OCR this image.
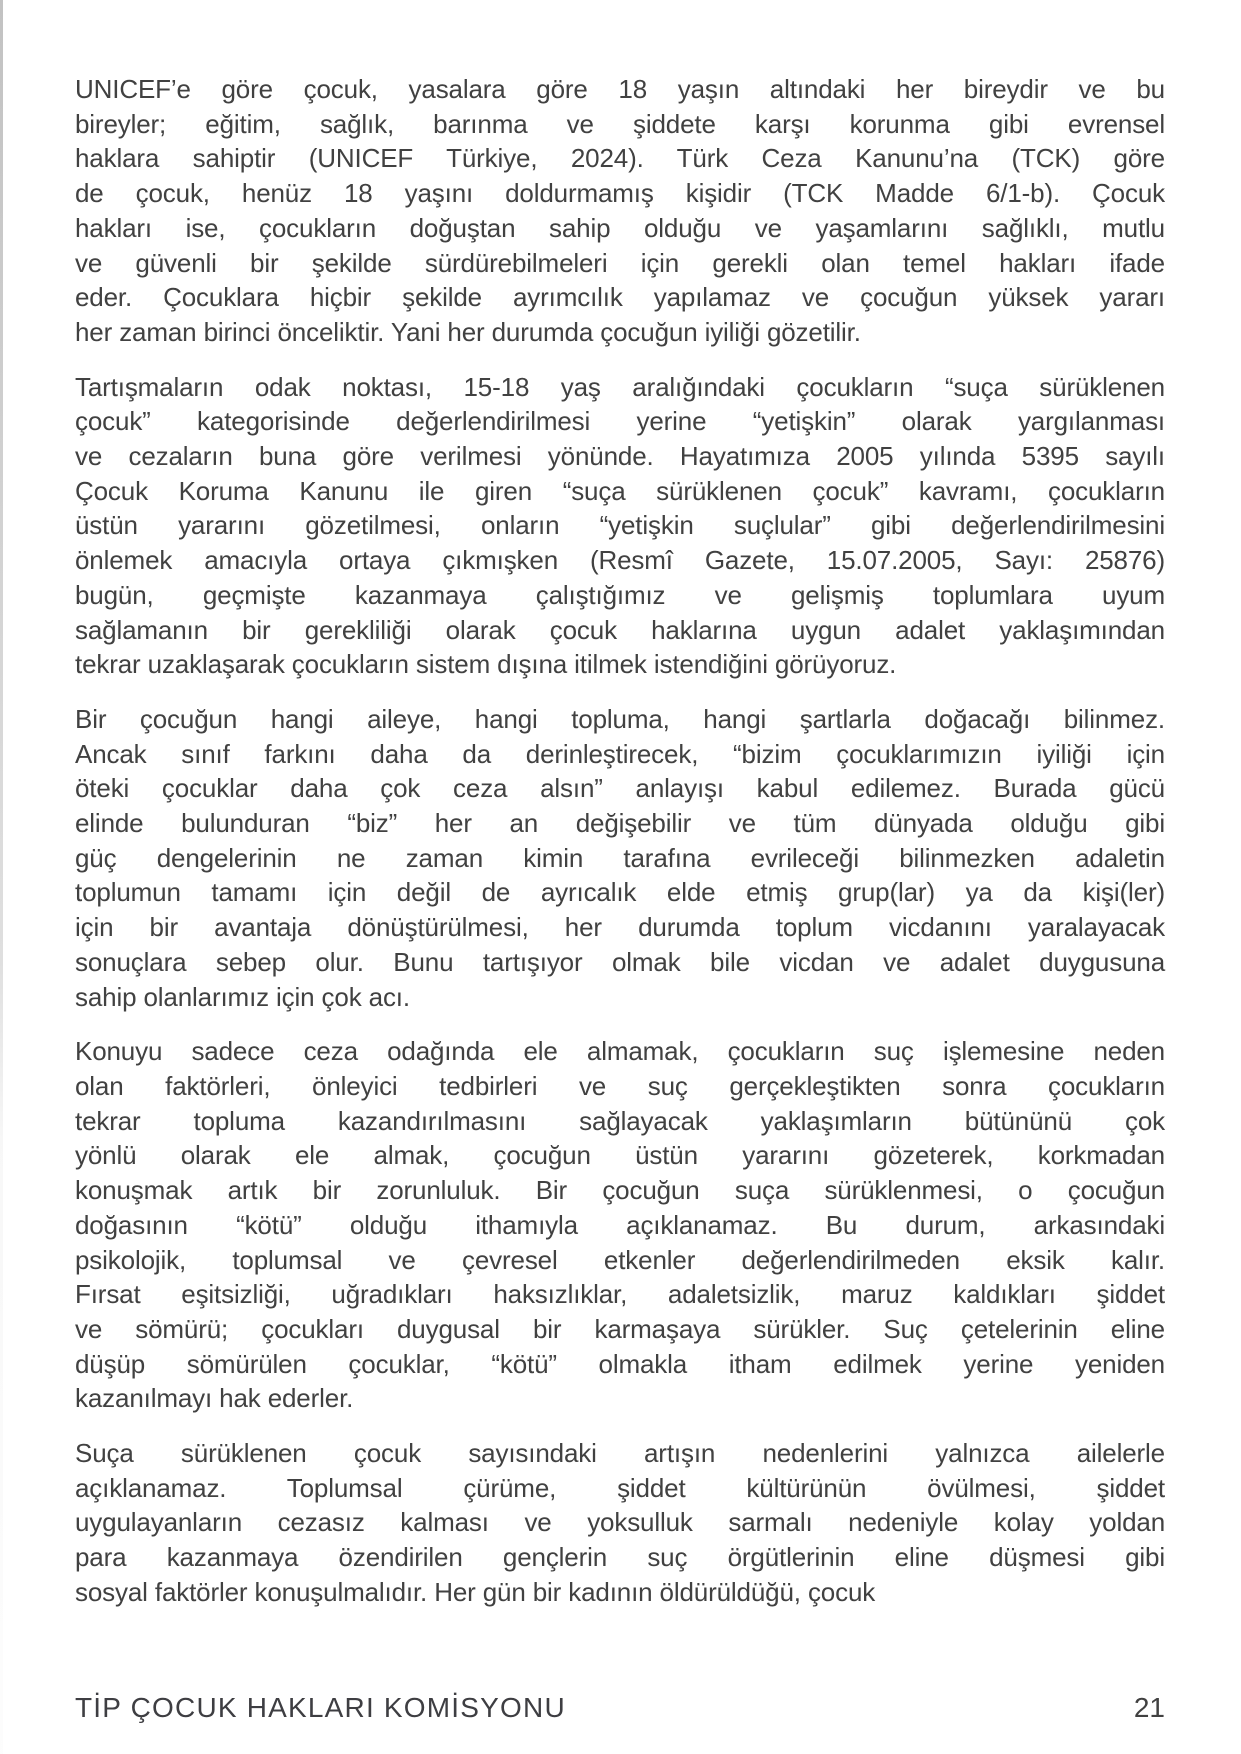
UNICEF’e göre çocuk, yasalara göre 18 yaşın altındaki her bireydir ve bu
bireyler; eğitim, sağlık, barınma ve şiddete karşı korunma gibi evrensel
haklara sahiptir (UNICEF Türkiye, 2024). Türk Ceza Kanunu’na (TCK) göre
de çocuk, henüz 18 yaşını doldurmamış kişidir (TCK Madde 6/1-b). Çocuk
hakları ise, çocukların doğuştan sahip olduğu ve yaşamlarını sağlıklı, mutlu
ve güvenli bir şekilde sürdürebilmeleri için gerekli olan temel hakları ifade
eder. Çocuklara hiçbir şekilde ayrımcılık yapılamaz ve çocuğun yüksek yararı
her zaman birinci önceliktir. Yani her durumda çocuğun iyiliği gözetilir.

Tartışmaların odak noktası, 15-18 yaş aralığındaki çocukların “suça sürüklenen
çocuk” kategorisinde değerlendirilmesi yerine “yetişkin” olarak yargılanması
ve cezaların buna göre verilmesi yönünde. Hayatımıza 2005 yılında 5395 sayılı
Çocuk Koruma Kanunu ile giren “suça sürüklenen çocuk” kavramı, çocukların
üstün yararını gözetilmesi, onların “yetişkin suçlular” gibi değerlendirilmesini
önlemek amacıyla ortaya çıkmışken (Resmî Gazete, 15.07.2005, Sayı: 25876)
bugün, geçmişte kazanmaya çalıştığımız ve gelişmiş toplumlara uyum
sağlamanın bir gerekliliği olarak çocuk haklarına uygun adalet yaklaşımından
tekrar uzaklaşarak çocukların sistem dışına itilmek istendiğini görüyoruz.

Bir çocuğun hangi aileye, hangi topluma, hangi şartlarla doğacağı bilinmez.
Ancak sınıf farkını daha da derinleştirecek, “bizim çocuklarımızın iyiliği için
öteki çocuklar daha çok ceza alsın” anlayışı kabul edilemez. Burada gücü
elinde bulunduran “biz” her an değişebilir ve tüm dünyada olduğu gibi
güç dengelerinin ne zaman kimin tarafına evrileceği bilinmezken adaletin
toplumun tamamı için değil de ayrıcalık elde etmiş grup(lar) ya da kişi(ler)
için bir avantaja dönüştürülmesi, her durumda toplum vicdanını yaralayacak
sonuçlara sebep olur. Bunu tartışıyor olmak bile vicdan ve adalet duygusuna
sahip olanlarımız için çok acı.

Konuyu sadece ceza odağında ele almamak, çocukların suç işlemesine neden
olan faktörleri, önleyici tedbirleri ve suç gerçekleştikten sonra çocukların
tekrar topluma kazandırılmasını sağlayacak yaklaşımların bütününü çok
yönlü olarak ele almak, çocuğun üstün yararını gözeterek, korkmadan
konuşmak artık bir zorunluluk. Bir çocuğun suça sürüklenmesi, o çocuğun
doğasının “kötü” olduğu ithamıyla açıklanamaz. Bu durum, arkasındaki
psikolojik, toplumsal ve çevresel etkenler değerlendirilmeden eksik kalır.
Fırsat eşitsizliği, uğradıkları haksızlıklar, adaletsizlik, maruz kaldıkları şiddet
ve sömürü; çocukları duygusal bir karmaşaya sürükler. Suç çetelerinin eline
düşüp sömürülen çocuklar, “kötü” olmakla itham edilmek yerine yeniden
kazanılmayı hak ederler.

Suça sürüklenen çocuk sayısındaki artışın nedenlerini yalnızca ailelerle
açıklanamaz. Toplumsal çürüme, şiddet kültürünün övülmesi, şiddet
uygulayanların cezasız kalması ve yoksulluk sarmalı nedeniyle kolay yoldan
para kazanmaya özendirilen gençlerin suç örgütlerinin eline düşmesi gibi
sosyal faktörler konuşulmalıdır. Her gün bir kadının öldürüldüğü, çocuk

TİP ÇOCUK HAKLARI KOMİSYONU	21
